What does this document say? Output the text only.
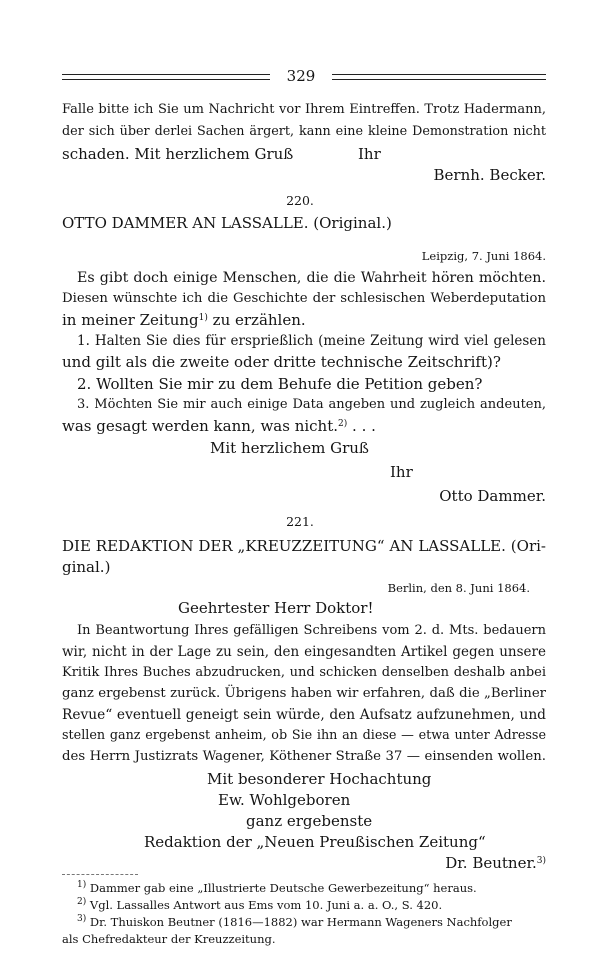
329
Falle bitte ich Sie um Nachricht vor Ihrem Eintreffen. Trotz Hadermann,
der sich über derlei Sachen ärgert, kann eine kleine Demonstration nicht
schaden. Mit herzlichem Gruß	Ihr
Bernh. Becker.
220.
OTTO DAMMER AN LASSALLE. (Original.)
Leipzig, 7. Juni 1864.
Es gibt doch einige Menschen, die die Wahrheit hören möchten.
Diesen wünschte ich die Geschichte der schlesischen Weberdeputation
in meiner Zeitung$^{1)}$ zu erzählen.
1. Halten Sie dies für ersprießlich (meine Zeitung wird viel gelesen
und gilt als die zweite oder dritte technische Zeitschrift)?
2. Wollten Sie mir zu dem Behufe die Petition geben?
3. Möchten Sie mir auch einige Data angeben und zugleich andeuten,
was gesagt werden kann, was nicht.$^{2)}$ . . .
Mit herzlichem Gruß
Ihr
Otto Dammer.
221.
DIE REDAKTION DER „KREUZZEITUNG“ AN LASSALLE. (Ori-
ginal.)
Berlin, den 8. Juni 1864.
Geehrtester Herr Doktor!
In Beantwortung Ihres gefälligen Schreibens vom 2. d. Mts. bedauern
wir, nicht in der Lage zu sein, den eingesandten Artikel gegen unsere
Kritik Ihres Buches abzudrucken, und schicken denselben deshalb anbei
ganz ergebenst zurück. Übrigens haben wir erfahren, daß die „Berliner
Revue“ eventuell geneigt sein würde, den Aufsatz aufzunehmen, und
stellen ganz ergebenst anheim, ob Sie ihn an diese — etwa unter Adresse
des Herrn Justizrats Wagener, Köthener Straße 37 — einsenden wollen.
Mit besonderer Hochachtung
Ew. Wohlgeboren
ganz ergebenste
Redaktion der „Neuen Preußischen Zeitung“
Dr. Beutner.$^{3)}$
$^{1)}$ Dammer gab eine „Illustrierte Deutsche Gewerbezeitung“ heraus.
$^{2)}$ Vgl. Lassalles Antwort aus Ems vom 10. Juni a. a. O., S. 420.
$^{3)}$ Dr. Thuiskon Beutner (1816—1882) war Hermann Wageners Nachfolger
als Chefredakteur der Kreuzzeitung.
